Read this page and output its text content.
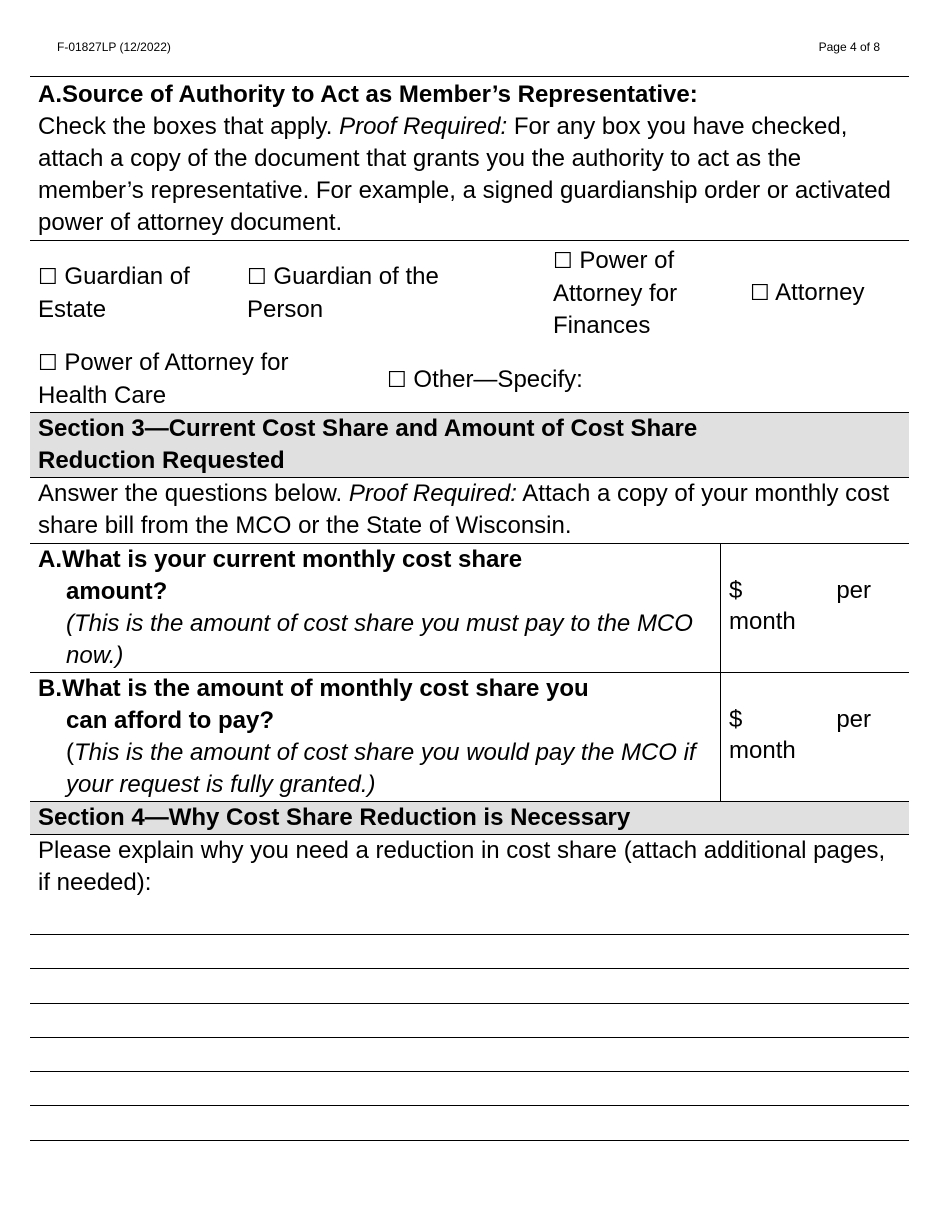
F-01827LP (12/2022)	Page 4 of 8
A.Source of Authority to Act as Member’s Representative:
Check the boxes that apply. Proof Required: For any box you have checked, attach a copy of the document that grants you the authority to act as the member’s representative. For example, a signed guardianship order or activated power of attorney document.
☐ Guardian of
Estate
☐ Guardian of the
Person
☐ Power of
Attorney for
Finances
☐ Attorney
☐ Power of Attorney for
Health Care
☐ Other—Specify:
Section 3—Current Cost Share and Amount of Cost Share
Reduction Requested
Answer the questions below. Proof Required: Attach a copy of your monthly cost share bill from the MCO or the State of Wisconsin.
A.What is your current monthly cost share
amount?
(This is the amount of cost share you must pay to the MCO now.)
$	per
month
B.What is the amount of monthly cost share you
can afford to pay?
(This is the amount of cost share you would pay the MCO if your request is fully granted.)
$	per
month
Section 4—Why Cost Share Reduction is Necessary
Please explain why you need a reduction in cost share (attach additional pages, if needed):
